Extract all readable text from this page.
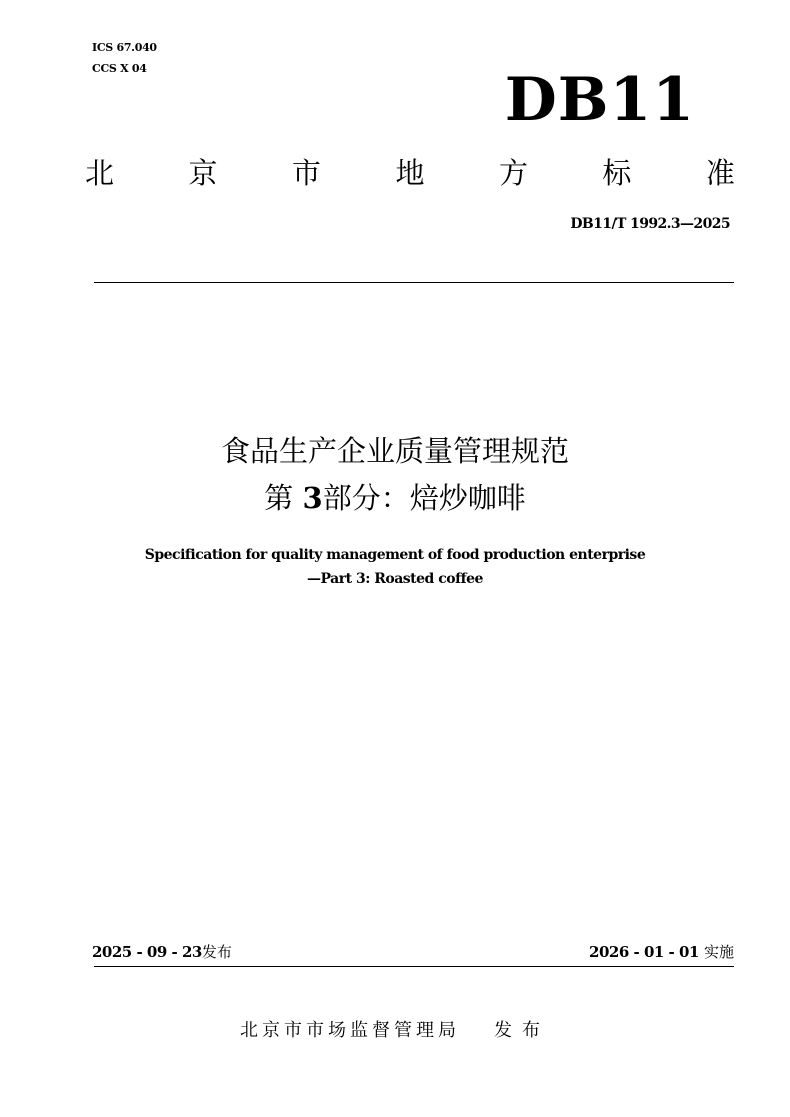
ICS 67.040
CCS X 04	DB11
北	京	市	地	方	标	准
DB11/T 1992.3—2025
食品生产企业质量管理规范
第 3部分：焙炒咖啡
Specification for quality management of food production enterprise
—Part 3: Roasted coffee
2025 - 09 - 23发布	2026 - 01 - 01 实施
北京市市场监督管理局 发布
